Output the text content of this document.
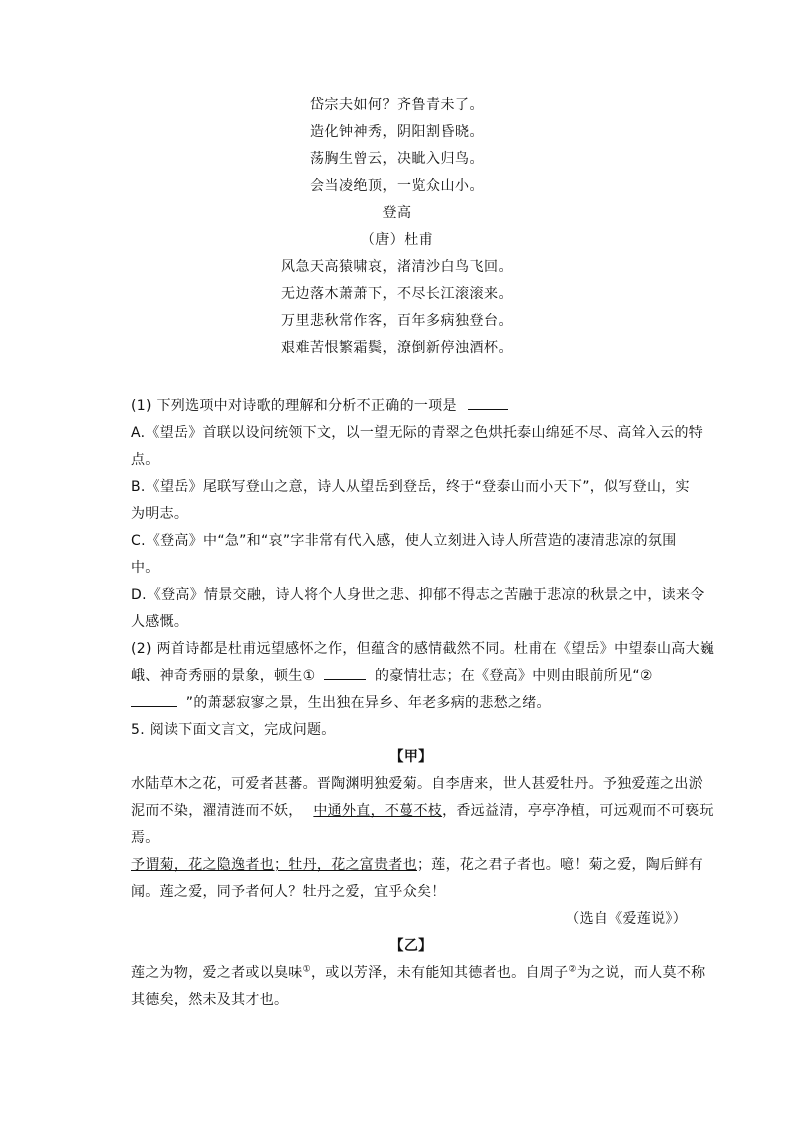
岱宗夫如何？齐鲁青未了。
造化钟神秀，阴阳割昏晓。
荡胸生曾云，决眦入归鸟。
会当凌绝顶，一览众山小。
登高
（唐）杜甫
风急天高猿啸哀，渚清沙白鸟飞回。
无边落木萧萧下，不尽长江滚滚来。
万里悲秋常作客，百年多病独登台。
艰难苦恨繁霜鬓，潦倒新停浊酒杯。
(1) 下列选项中对诗歌的理解和分析不正确的一项是
A.《望岳》首联以设问统领下文，以一望无际的青翠之色烘托泰山绵延不尽、高耸入云的特
点。
B.《望岳》尾联写登山之意，诗人从望岳到登岳，终于“登泰山而小天下”，似写登山，实
为明志。
C.《登高》中“急”和“哀”字非常有代入感，使人立刻进入诗人所营造的凄清悲凉的氛围
中。
D.《登高》情景交融，诗人将个人身世之悲、抑郁不得志之苦融于悲凉的秋景之中，读来令
人感慨。
(2) 两首诗都是杜甫远望感怀之作，但蕴含的感情截然不同。杜甫在《望岳》中望泰山高大巍
峨、神奇秀丽的景象，顿生①	的豪情壮志；在《登高》中则由眼前所见“②
”的萧瑟寂寥之景，生出独在异乡、年老多病的悲愁之绪。
5. 阅读下面文言文，完成问题。
【甲】
水陆草木之花，可爱者甚蕃。晋陶渊明独爱菊。自李唐来，世人甚爱牡丹。予独爱莲之出淤
泥而不染，濯清涟而不妖， 中通外直，不蔓不枝，香远益清，亭亭净植，可远观而不可亵玩
焉。
予谓菊，花之隐逸者也；牡丹，花之富贵者也；莲，花之君子者也。噫！菊之爱，陶后鲜有
闻。莲之爱，同予者何人？牡丹之爱，宜乎众矣！
（选自《爱莲说》）
【乙】
莲之为物，爱之者或以臭味①，或以芳泽，未有能知其德者也。自周子②为之说，而人莫不称
其德矣，然未及其才也。
